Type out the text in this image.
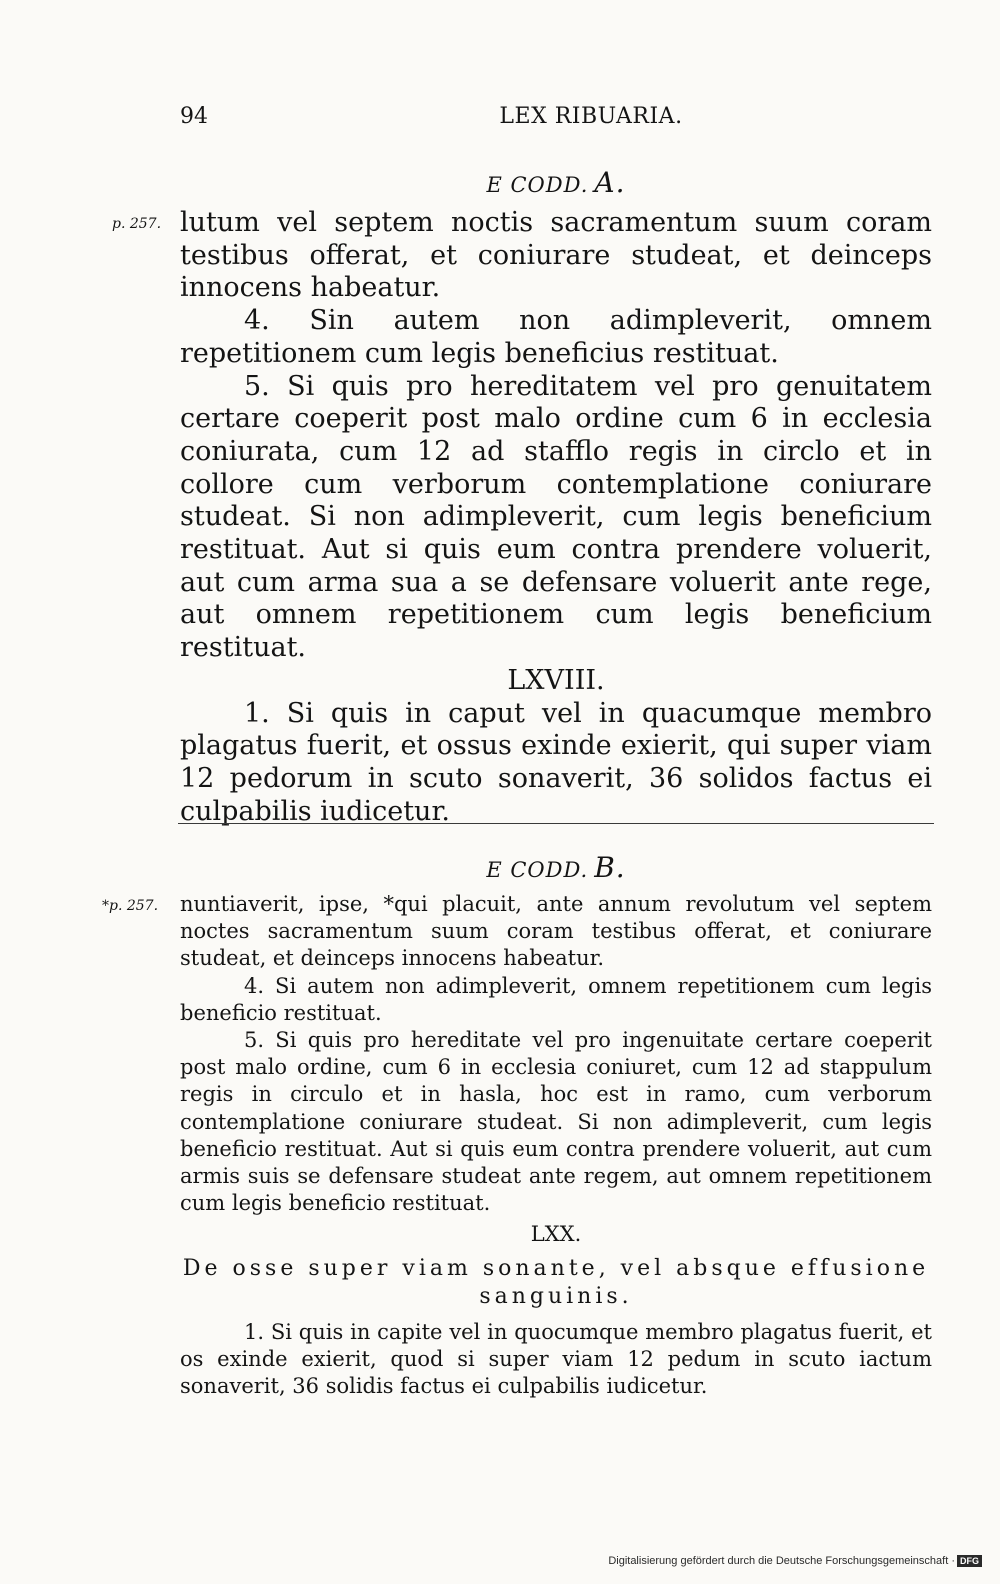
94	LEX RIBUARIA.
E CODD. A.
p. 257. lutum vel septem noctis sacramentum suum coram testibus offerat, et coniurare studeat, et deinceps innocens habeatur.

4. Sin autem non adimpleverit, omnem repetitionem cum legis beneficius restituat.

5. Si quis pro hereditatem vel pro genuitatem certare coeperit post malo ordine cum 6 in ecclesia coniurata, cum 12 ad stafflo regis in circlo et in collore cum verborum contemplatione coniurare studeat. Si non adimpleverit, cum legis beneficium restituat. Aut si quis eum contra prendere voluerit, aut cum arma sua a se defensare voluerit ante rege, aut omnem repetitionem cum legis beneficium restituat.

LXVIII.

1. Si quis in caput vel in quacumque membro plagatus fuerit, et ossus exinde exierit, qui super viam 12 pedorum in scuto sonaverit, 36 solidos factus ei culpabilis iudicetur.

E CODD. B.
*p. 257. nuntiaverit, ipse, *qui placuit, ante annum revolutum vel septem noctes sacramentum suum coram testibus offerat, et coniurare studeat, et deinceps innocens habeatur.

4. Si autem non adimpleverit, omnem repetitionem cum legis beneficio restituat.

5. Si quis pro hereditate vel pro ingenuitate certare coeperit post malo ordine, cum 6 in ecclesia coniuret, cum 12 ad stappulum regis in circulo et in hasla, hoc est in ramo, cum verborum contemplatione coniurare studeat. Si non adimpleverit, cum legis beneficio restituat. Aut si quis eum contra prendere voluerit, aut cum armis suis se defensare studeat ante regem, aut omnem repetitionem cum legis beneficio restituat.

LXX.

De osse super viam sonante, vel absque effusione sanguinis.

1. Si quis in capite vel in quocumque membro plagatus fuerit, et os exinde exierit, quod si super viam 12 pedum in scuto iactum sonaverit, 36 solidis factus ei culpabilis iudicetur.

Digitalisierung gefördert durch die Deutsche Forschungsgemeinschaft · DFG
